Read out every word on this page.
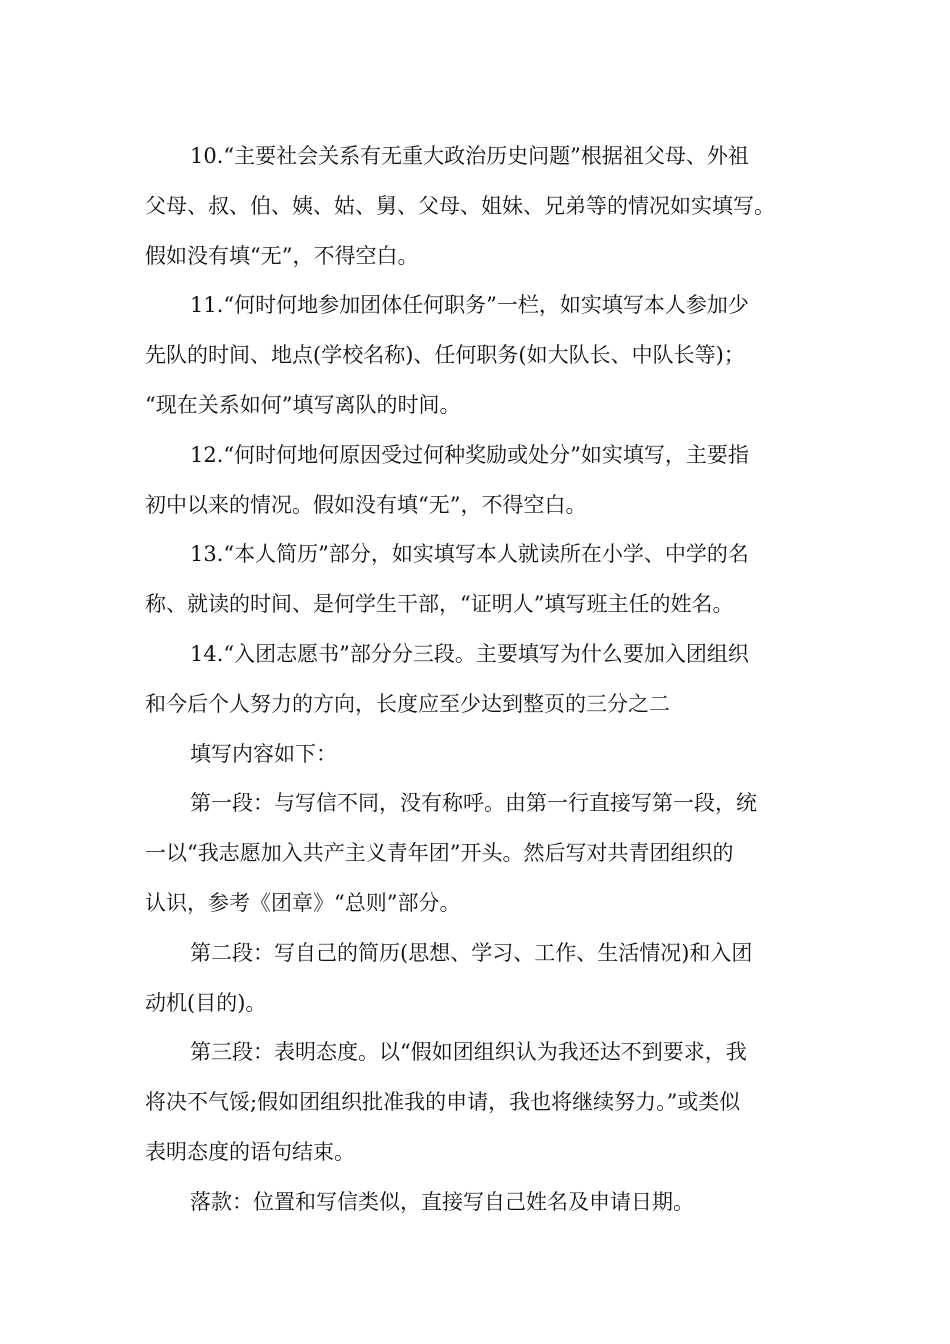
10.“主要社会关系有无重大政治历史问题”根据祖父母、外祖
父母、叔、伯、姨、姑、舅、父母、姐妹、兄弟等的情况如实填写。
假如没有填“无”，不得空白。
11.“何时何地参加团体任何职务”一栏，如实填写本人参加少
先队的时间、地点(学校名称)、任何职务(如大队长、中队长等)；
“现在关系如何”填写离队的时间。
12.“何时何地何原因受过何种奖励或处分”如实填写，主要指
初中以来的情况。假如没有填“无”，不得空白。
13.“本人简历”部分，如实填写本人就读所在小学、中学的名
称、就读的时间、是何学生干部，“证明人”填写班主任的姓名。
14.“入团志愿书”部分分三段。主要填写为什么要加入团组织
和今后个人努力的方向，长度应至少达到整页的三分之二
填写内容如下：
第一段：与写信不同，没有称呼。由第一行直接写第一段，统
一以“我志愿加入共产主义青年团”开头。然后写对共青团组织的
认识，参考《团章》“总则”部分。
第二段：写自己的简历(思想、学习、工作、生活情况)和入团
动机(目的)。
第三段：表明态度。以“假如团组织认为我还达不到要求，我
将决不气馁;假如团组织批准我的申请，我也将继续努力。”或类似
表明态度的语句结束。
落款：位置和写信类似，直接写自己姓名及申请日期。
